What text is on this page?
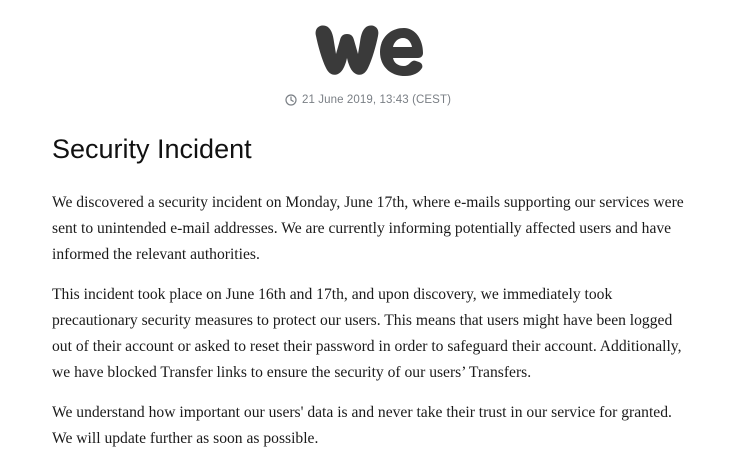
21 June 2019, 13:43 (CEST)
Security Incident

We discovered a security incident on Monday, June 17th, where e-mails supporting our services were sent to unintended e-mail addresses. We are currently informing potentially affected users and have informed the relevant authorities.

This incident took place on June 16th and 17th, and upon discovery, we immediately took precautionary security measures to protect our users. This means that users might have been logged out of their account or asked to reset their password in order to safeguard their account. Additionally, we have blocked Transfer links to ensure the security of our users’ Transfers.

We understand how important our users' data is and never take their trust in our service for granted. We will update further as soon as possible.
